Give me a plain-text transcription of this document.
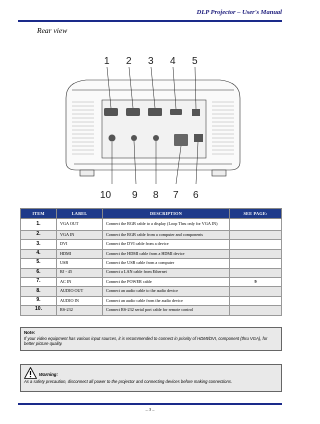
DLP Projector – User's Manual
Rear view
1 2 3 4 5
10 9 8 7 6
ITEM	LABEL	DESCRIPTION	SEE PAGE:
1.	VGA OUT	Connect the RGB cable to a display (Loop Thru only for VGA IN)	
2.	VGA IN	Connect the RGB cable from a computer and components	
3.	DVI	Connect the DVI cable from a device	
4.	HDMI	Connect the HDMI cable from a HDMI device	
5.	USB	Connect the USB cable from a computer	
6.	RJ - 45	Connect a LAN cable from Ethernet	
7.	AC IN	Connect the POWER cable	9
8.	AUDIO OUT	Connect an audio cable to the audio device	
9.	AUDIO IN	Connect an audio cable from the audio device	
10.	RS-232	Connect RS-232 serial port cable for remote control	
Note:
If your video equipment has various input sources, it is recommended to connect in priority of HDMI/DVI, component (thru VGA), for better picture quality.
Warning:
As a safety precaution, disconnect all power to the projector and connecting devices before making connections.
– 3 –
